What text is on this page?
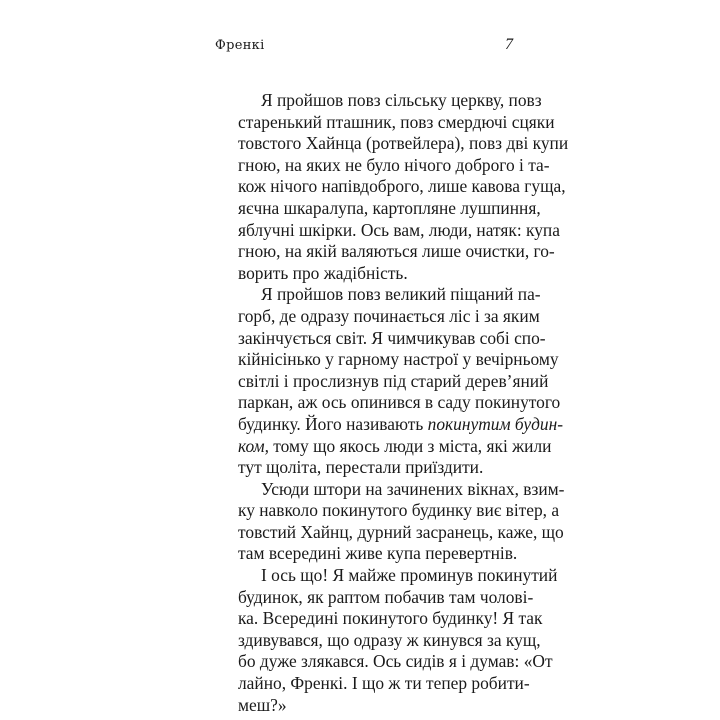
Френкі	7
Я пройшов повз сільську церкву, повз
старенький пташник, повз смердючі сцяки
товстого Хайнца (ротвейлера), повз дві купи
гною, на яких не було нічого доброго і та-
кож нічого напівдоброго, лише кавова гуща,
яєчна шкаралупа, картопляне лушпиння,
яблучні шкірки. Ось вам, люди, натяк: купа
гною, на якій валяються лише очистки, го-
ворить про жадібність.
Я пройшов повз великий піщаний па-
горб, де одразу починається ліс і за яким
закінчується світ. Я чимчикував собі спо-
кійнісінько у гарному настрої у вечірньому
світлі і прослизнув під старий дерев’яний
паркан, аж ось опинився в саду покинутого
будинку. Його називають покинутим будин-
ком, тому що якось люди з міста, які жили
тут щоліта, перестали приїздити.
Усюди штори на зачинених вікнах, взим-
ку навколо покинутого будинку виє вітер, а
товстий Хайнц, дурний засранець, каже, що
там всередині живе купа перевертнів.
І ось що! Я майже проминув покинутий
будинок, як раптом побачив там чолові-
ка. Всередині покинутого будинку! Я так
здивувався, що одразу ж кинувся за кущ,
бо дуже злякався. Ось сидів я і думав: «От
лайно, Френкі. І що ж ти тепер робити-
меш?»
